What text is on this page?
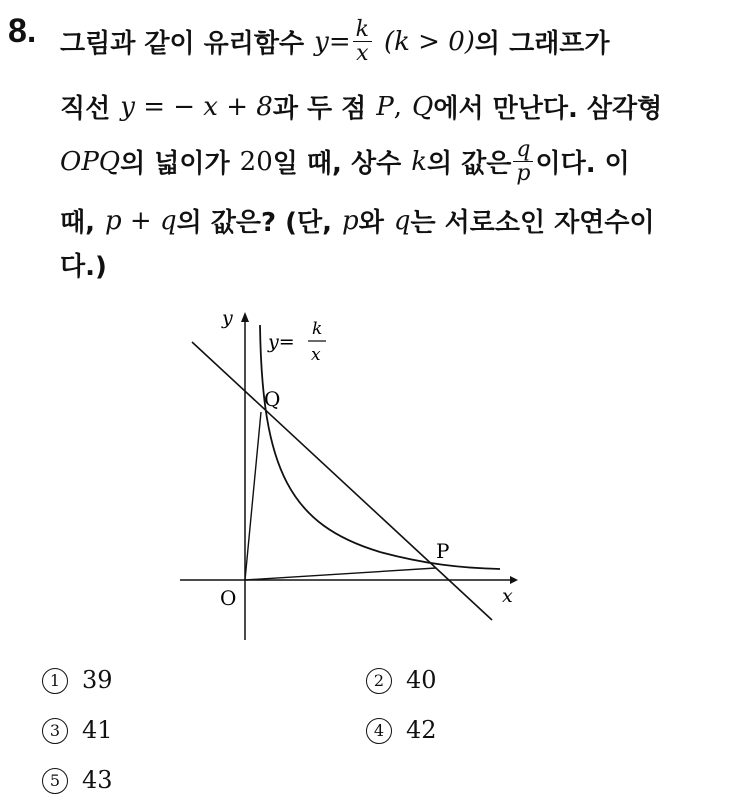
8. 그림과 같이 유리함수 $y = \frac{k}{x} (k > 0)$ 의 그래프가
직선 y = − x + 8 과 두 점 P , Q 에서 만난다. 삼각형
OPQ 의 넓이가 20 일 때, 상수 k 의 값은 $\frac{q}{p}$ 이다. 이
때, p + q 의 값은? (단, p 와 q 는 서로소인 자연수이
다.)
y
x
O
Q
P
y=
k
x
1 39	2 40
3 41	4 42
5 43
